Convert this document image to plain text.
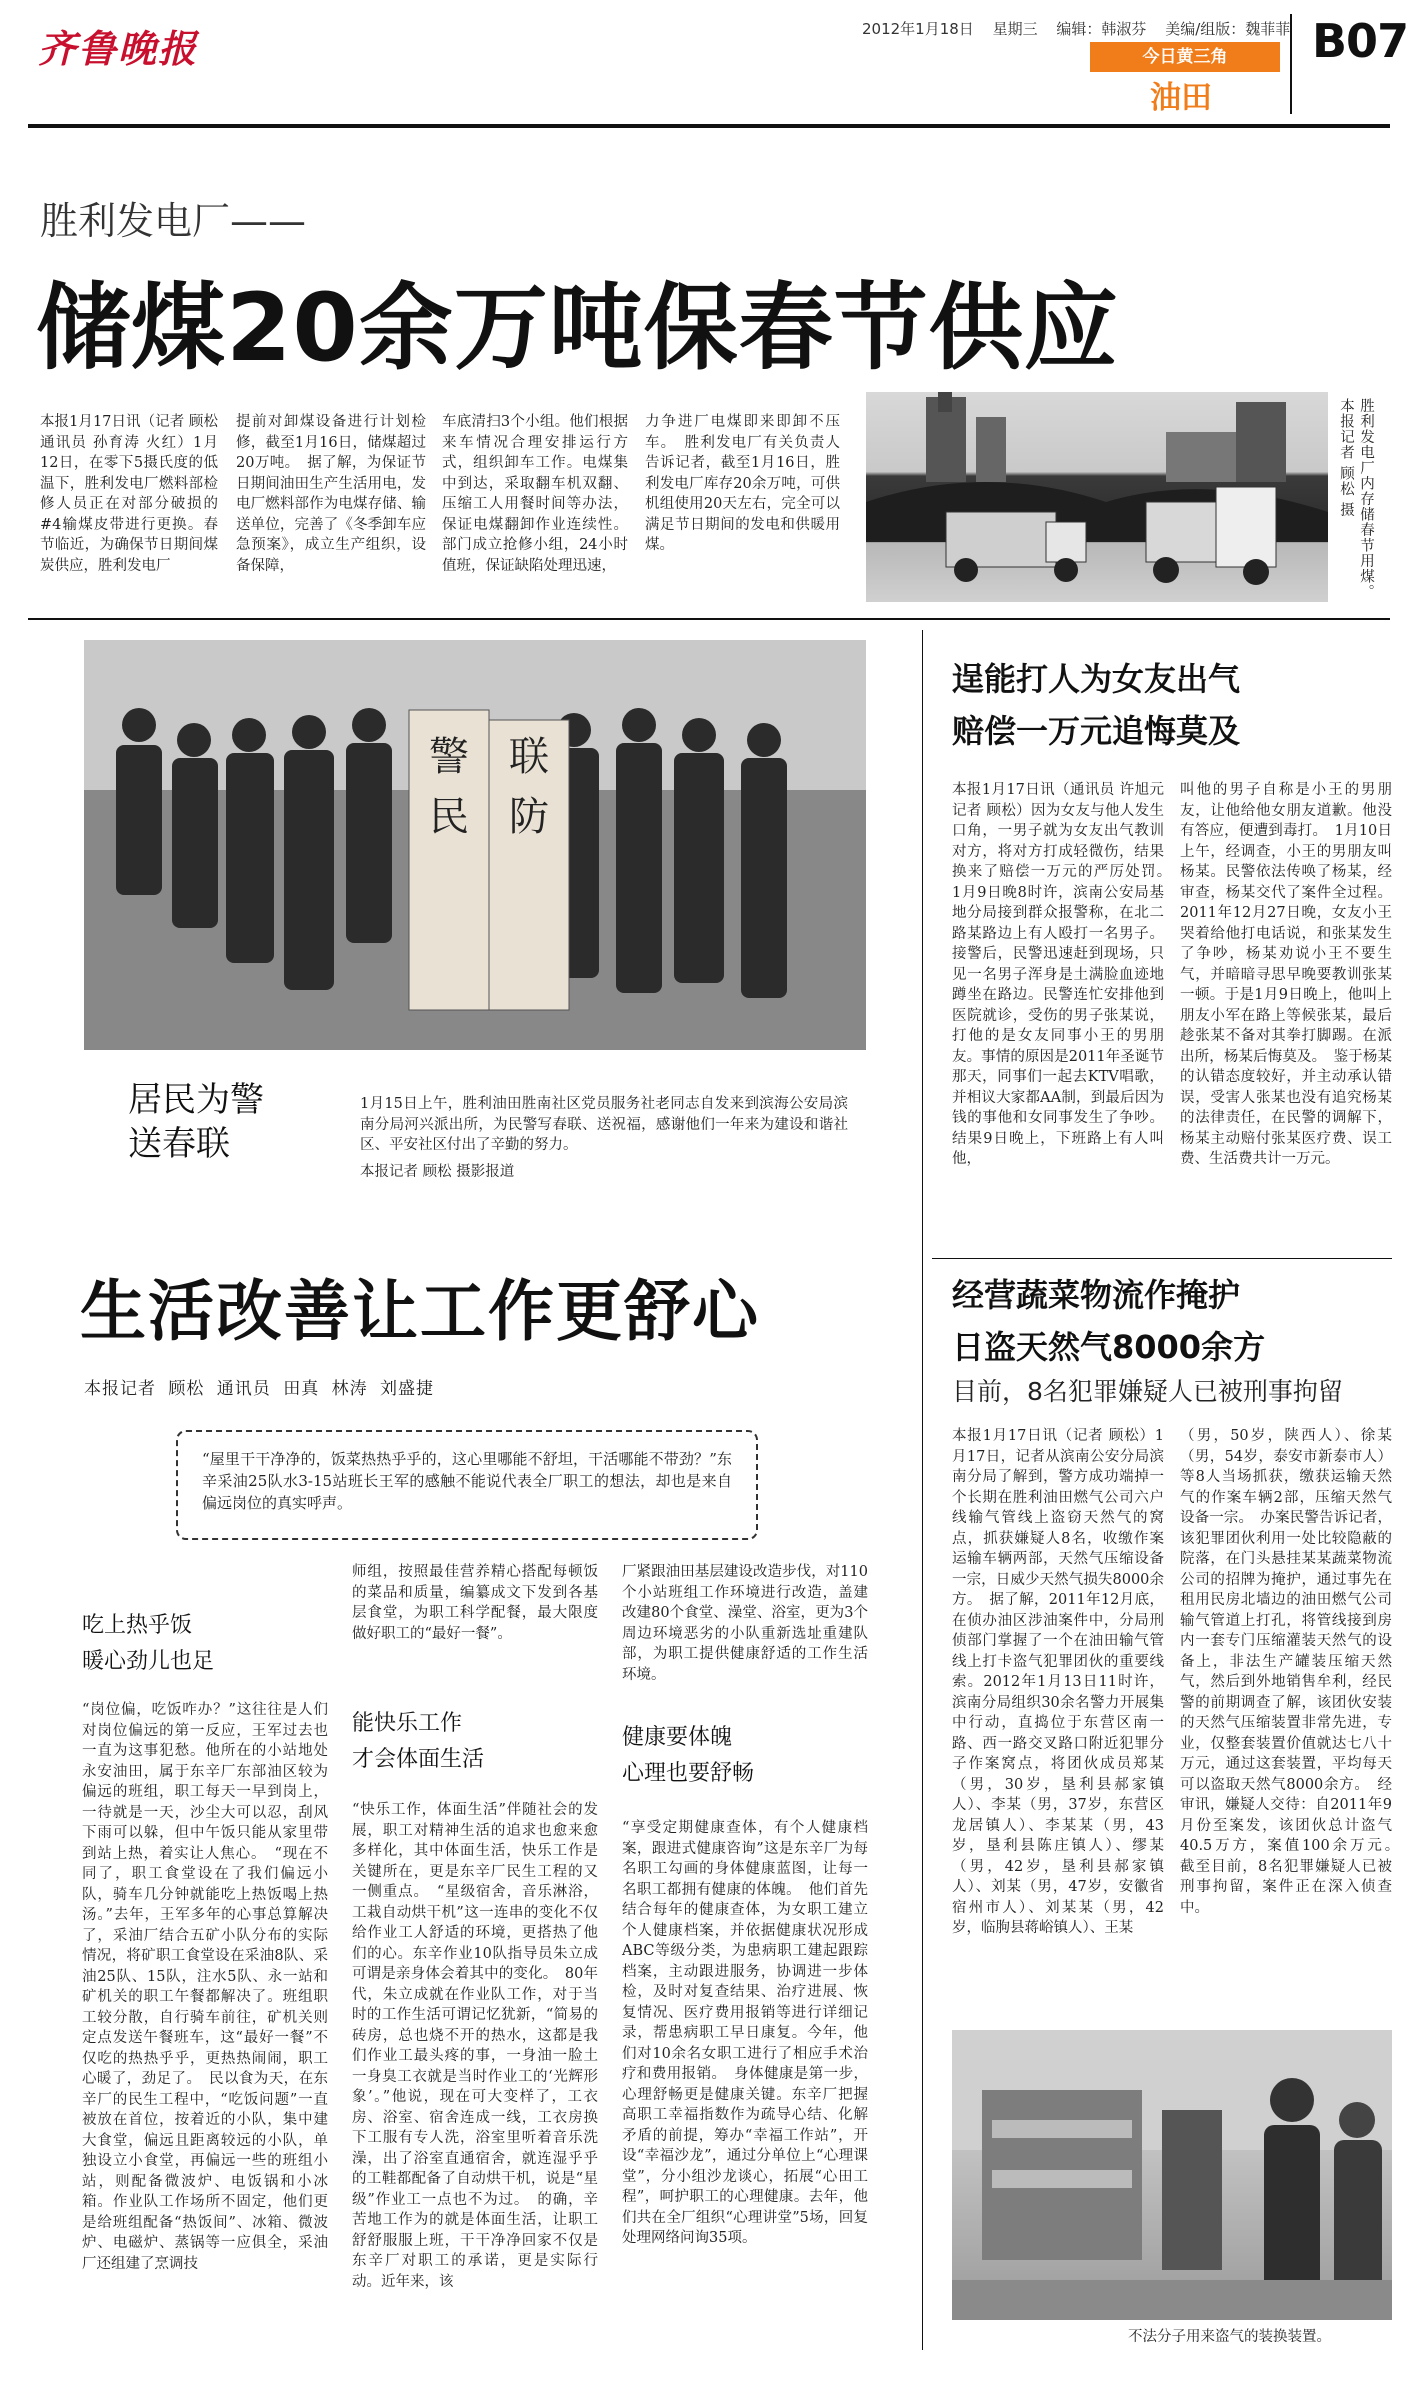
齐鲁晚报	2012年1月18日 星期三 编辑：韩淑芬 美编/组版：魏菲菲
今日黄三角
油田
B07
胜利发电厂——
储煤20余万吨保春节供应
本报1月17日讯（记者 顾松 通讯员 孙育涛 火红）1月12日，在零下5摄氏度的低温下，胜利发电厂燃料部检修人员正在对部分破损的#4输煤皮带进行更换。春节临近，为确保节日期间煤炭供应，胜利发电厂
提前对卸煤设备进行计划检修，截至1月16日，储煤超过20万吨。　据了解，为保证节日期间油田生产生活用电，发电厂燃料部作为电煤存储、输送单位，完善了《冬季卸车应急预案》，成立生产组织，设备保障，
车底清扫3个小组。他们根据来车情况合理安排运行方式，组织卸车工作。电煤集中到达，采取翻车机双翻、压缩工人用餐时间等办法，保证电煤翻卸作业连续性。部门成立抢修小组，24小时值班，保证缺陷处理迅速，
力争进厂电煤即来即卸不压车。　胜利发电厂有关负责人告诉记者，截至1月16日，胜利发电厂库存20余万吨，可供机组使用20天左右，完全可以满足节日期间的发电和供暖用煤。	胜利发电厂内存储春节用煤。本报记者 顾松 摄
警
民
联
防
居民为警送春联
1月15日上午，胜利油田胜南社区党员服务社老同志自发来到滨海公安局滨南分局河兴派出所，为民警写春联、送祝福，感谢他们一年来为建设和谐社区、平安社区付出了辛勤的努力。
本报记者 顾松 摄影报道
逞能打人为女友出气
赔偿一万元追悔莫及
本报1月17日讯（通讯员 许旭元 记者 顾松）因为女友与他人发生口角，一男子就为女友出气教训对方，将对方打成轻微伤，结果换来了赔偿一万元的严厉处罚。　1月9日晚8时许，滨南公安局基地分局接到群众报警称，在北二路某路边上有人殴打一名男子。接警后，民警迅速赶到现场，只见一名男子浑身是土满脸血迹地蹲坐在路边。民警连忙安排他到医院就诊，受伤的男子张某说，打他的是女友同事小王的男朋友。事情的原因是2011年圣诞节那天，同事们一起去KTV唱歌，并相议大家都AA制，到最后因为钱的事他和女同事发生了争吵。结果9日晚上，下班路上有人叫他，
叫他的男子自称是小王的男朋友，让他给他女朋友道歉。他没有答应，便遭到毒打。　1月10日上午，经调查，小王的男朋友叫杨某。民警依法传唤了杨某，经审查，杨某交代了案件全过程。2011年12月27日晚，女友小王哭着给他打电话说，和张某发生了争吵，杨某劝说小王不要生气，并暗暗寻思早晚要教训张某一顿。于是1月9日晚上，他叫上朋友小军在路上等候张某，最后趁张某不备对其拳打脚踢。在派出所，杨某后悔莫及。　鉴于杨某的认错态度较好，并主动承认错误，受害人张某也没有追究杨某的法律责任，在民警的调解下，杨某主动赔付张某医疗费、误工费、生活费共计一万元。
经营蔬菜物流作掩护
日盗天然气8000余方
目前，8名犯罪嫌疑人已被刑事拘留
本报1月17日讯（记者 顾松）1月17日，记者从滨南公安分局滨南分局了解到，警方成功端掉一个长期在胜利油田燃气公司六户线输气管线上盗窃天然气的窝点，抓获嫌疑人8名，收缴作案运输车辆两部，天然气压缩设备一宗，日威少天然气损失8000余方。　据了解，2011年12月底，在侦办油区涉油案件中，分局刑侦部门掌握了一个在油田输气管线上打卡盗气犯罪团伙的重要线索。2012年1月13日11时许，滨南分局组织30余名警力开展集中行动，直捣位于东营区南一路、西一路交叉路口附近犯罪分子作案窝点，将团伙成员郑某（男，30岁，垦利县郝家镇人）、李某（男，37岁，东营区龙居镇人）、李某某（男，43岁，垦利县陈庄镇人）、缪某（男，42岁，垦利县郝家镇人）、刘某（男，47岁，安徽省宿州市人）、刘某某（男，42岁，临朐县蒋峪镇人）、王某
（男，50岁，陕西人）、徐某（男，54岁，泰安市新泰市人）等8人当场抓获，缴获运输天然气的作案车辆2部，压缩天然气设备一宗。　办案民警告诉记者，该犯罪团伙利用一处比较隐蔽的院落，在门头悬挂某某蔬菜物流公司的招牌为掩护，通过事先在租用民房北墙边的油田燃气公司输气管道上打孔，将管线接到房内一套专门压缩灌装天然气的设备上，非法生产罐装压缩天然气，然后到外地销售牟利，经民警的前期调查了解，该团伙安装的天然气压缩装置非常先进，专业，仅整套装置价值就达七八十万元，通过这套装置，平均每天可以盗取天然气8000余方。　经审讯，嫌疑人交待：自2011年9月份至案发，该团伙总计盗气40.5万方，案值100余万元。　截至目前，8名犯罪嫌疑人已被刑事拘留，案件正在深入侦查中。
不法分子用来盗气的装换装置。
生活改善让工作更舒心
本报记者 顾松 通讯员 田真 林涛 刘盛捷
“屋里干干净净的，饭菜热热乎乎的，这心里哪能不舒坦，干活哪能不带劲？”东辛采油25队水3-15站班长王军的感触不能说代表全厂职工的想法，却也是来自偏远岗位的真实呼声。
吃上热乎饭
暖心劲儿也足
“岗位偏，吃饭咋办？”这往往是人们对岗位偏远的第一反应，王军过去也一直为这事犯愁。他所在的小站地处永安油田，属于东辛厂东部油区较为偏远的班组，职工每天一早到岗上，一待就是一天，沙尘大可以忍，刮风下雨可以躲，但中午饭只能从家里带到站上热，着实让人焦心。　“现在不同了，职工食堂设在了我们偏远小队，骑车几分钟就能吃上热饭喝上热汤。”去年，王军多年的心事总算解决了，采油厂结合五矿小队分布的实际情况，将矿职工食堂设在采油8队、采油25队、15队，注水5队、永一站和矿机关的职工午餐都解决了。班组职工较分散，自行骑车前往，矿机关则定点发送午餐班车，这“最好一餐”不仅吃的热热乎乎，更热热闹闹，职工心暖了，劲足了。　民以食为天，在东辛厂的民生工程中，“吃饭问题”一直被放在首位，按着近的小队，集中建大食堂，偏远且距离较远的小队，单独设立小食堂，再偏远一些的班组小站，则配备微波炉、电饭锅和小冰箱。作业队工作场所不固定，他们更是给班组配备“热饭间”、冰箱、微波炉、电磁炉、蒸锅等一应俱全，采油厂还组建了烹调技
师组，按照最佳营养精心搭配每顿饭的菜品和质量，编纂成文下发到各基层食堂，为职工科学配餐，最大限度做好职工的“最好一餐”。
能快乐工作
才会体面生活
“快乐工作，体面生活”伴随社会的发展，职工对精神生活的追求也愈来愈多样化，其中体面生活，快乐工作是关键所在，更是东辛厂民生工程的又一侧重点。　“星级宿舍，音乐淋浴，工栽自动烘干机”这一连串的变化不仅给作业工人舒适的环境，更搭热了他们的心。东辛作业10队指导员朱立成可谓是亲身体会着其中的变化。　80年代，朱立成就在作业队工作，对于当时的工作生活可谓记忆犹新，“简易的砖房，总也烧不开的热水，这都是我们作业工最头疼的事，一身油一脸土一身臭工衣就是当时作业工的‘光辉形象’。”他说，现在可大变样了，工衣房、浴室、宿舍连成一线，工衣房换下工服有专人洗，浴室里听着音乐洗澡，出了浴室直通宿舍，就连湿乎乎的工鞋都配备了自动烘干机，说是“星级”作业工一点也不为过。　的确，辛苦地工作为的就是体面生活，让职工舒舒服服上班，干干净净回家不仅是东辛厂对职工的承诺，更是实际行动。近年来，该
厂紧跟油田基层建设改造步伐，对110个小站班组工作环境进行改造，盖建改建80个食堂、澡堂、浴室，更为3个周边环境恶劣的小队重新选址重建队部，为职工提供健康舒适的工作生活环境。
健康要体魄
心理也要舒畅
“享受定期健康查体，有个人健康档案，跟进式健康咨询”这是东辛厂为每名职工勾画的身体健康蓝图，让每一名职工都拥有健康的体魄。　他们首先结合每年的健康查体，为女职工建立个人健康档案，并依据健康状况形成ABC等级分类，为患病职工建起跟踪档案，主动跟进服务，协调进一步体检，及时对复查结果、治疗进展、恢复情况、医疗费用报销等进行详细记录，帮患病职工早日康复。今年，他们对10余名女职工进行了相应手术治疗和费用报销。　身体健康是第一步，心理舒畅更是健康关键。东辛厂把握高职工幸福指数作为疏导心结、化解矛盾的前提，筹办“幸福工作站”，开设“幸福沙龙”，通过分单位上“心理课堂”，分小组沙龙谈心，拓展“心田工程”，呵护职工的心理健康。去年，他们共在全厂组织“心理讲堂”5场，回复处理网络问询35项。
